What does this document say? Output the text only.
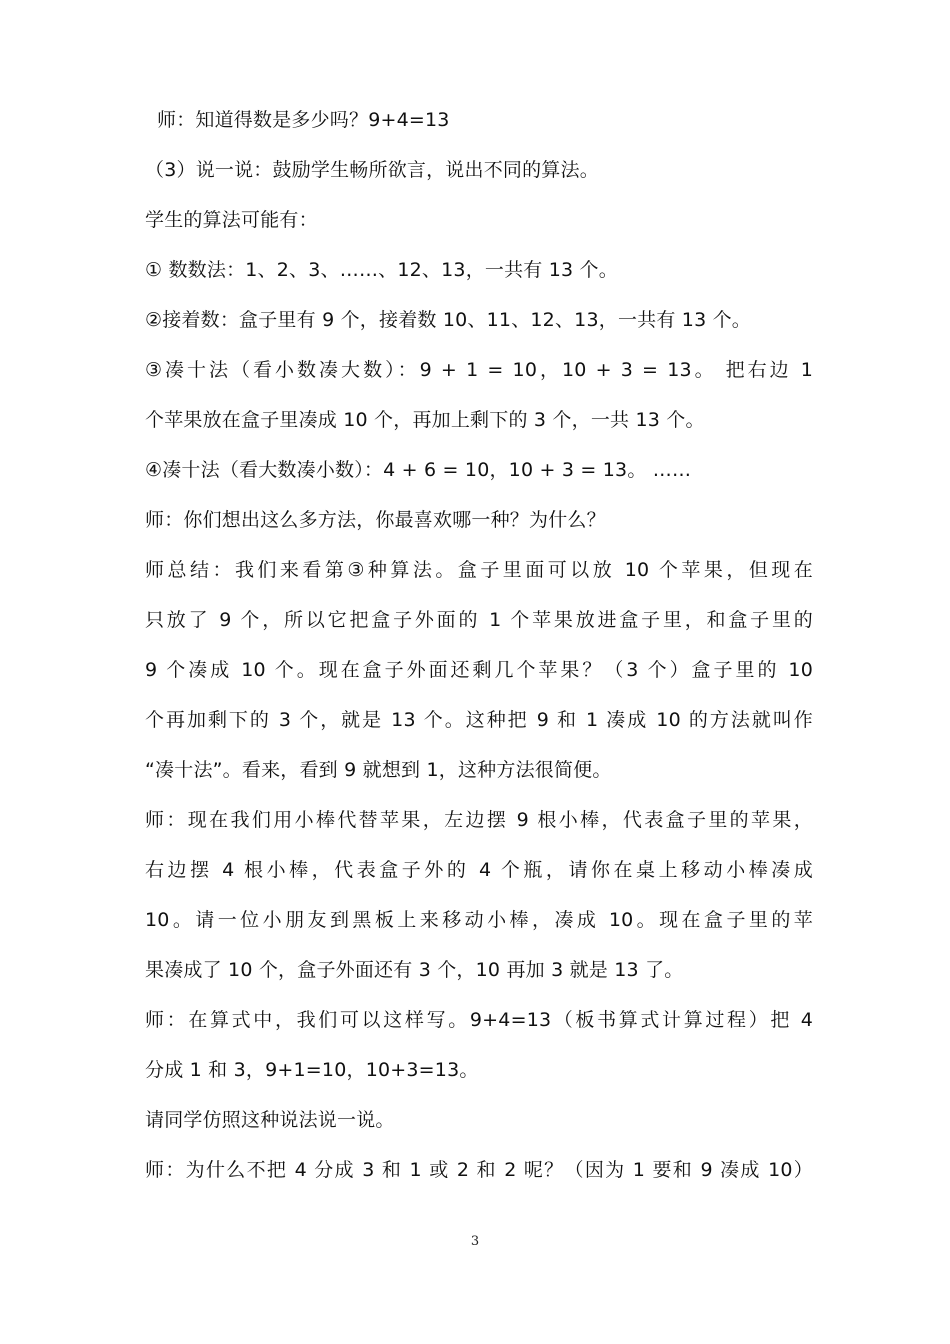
师：知道得数是多少吗？9+4=13
（3）说一说：鼓励学生畅所欲言，说出不同的算法。
学生的算法可能有：
① 数数法：1、2、3、……、12、13，一共有 13 个。
②接着数：盒子里有 9 个，接着数 10、11、12、13，一共有 13 个。
③凑十法（看小数凑大数）：9 + 1 = 10，10 + 3 = 13。 把右边 1
个苹果放在盒子里凑成 10 个，再加上剩下的 3 个，一共 13 个。
④凑十法（看大数凑小数）：4 + 6 = 10，10 + 3 = 13。 ……
师：你们想出这么多方法，你最喜欢哪一种？为什么？
师总结：我们来看第③种算法。盒子里面可以放 10 个苹果，但现在
只放了 9 个，所以它把盒子外面的 1 个苹果放进盒子里，和盒子里的
9 个凑成 10 个。现在盒子外面还剩几个苹果？（3 个）盒子里的 10
个再加剩下的 3 个，就是 13 个。这种把 9 和 1 凑成 10 的方法就叫作
“凑十法”。看来，看到 9 就想到 1，这种方法很简便。
师：现在我们用小棒代替苹果，左边摆 9 根小棒，代表盒子里的苹果，
右边摆 4 根小棒，代表盒子外的 4 个瓶，请你在桌上移动小棒凑成
10。请一位小朋友到黑板上来移动小棒，凑成 10。现在盒子里的苹
果凑成了 10 个，盒子外面还有 3 个，10 再加 3 就是 13 了。
师：在算式中，我们可以这样写。9+4=13（板书算式计算过程）把 4
分成 1 和 3，9+1=10，10+3=13。
请同学仿照这种说法说一说。
师：为什么不把 4 分成 3 和 1 或 2 和 2 呢？（因为 1 要和 9 凑成 10）
3
